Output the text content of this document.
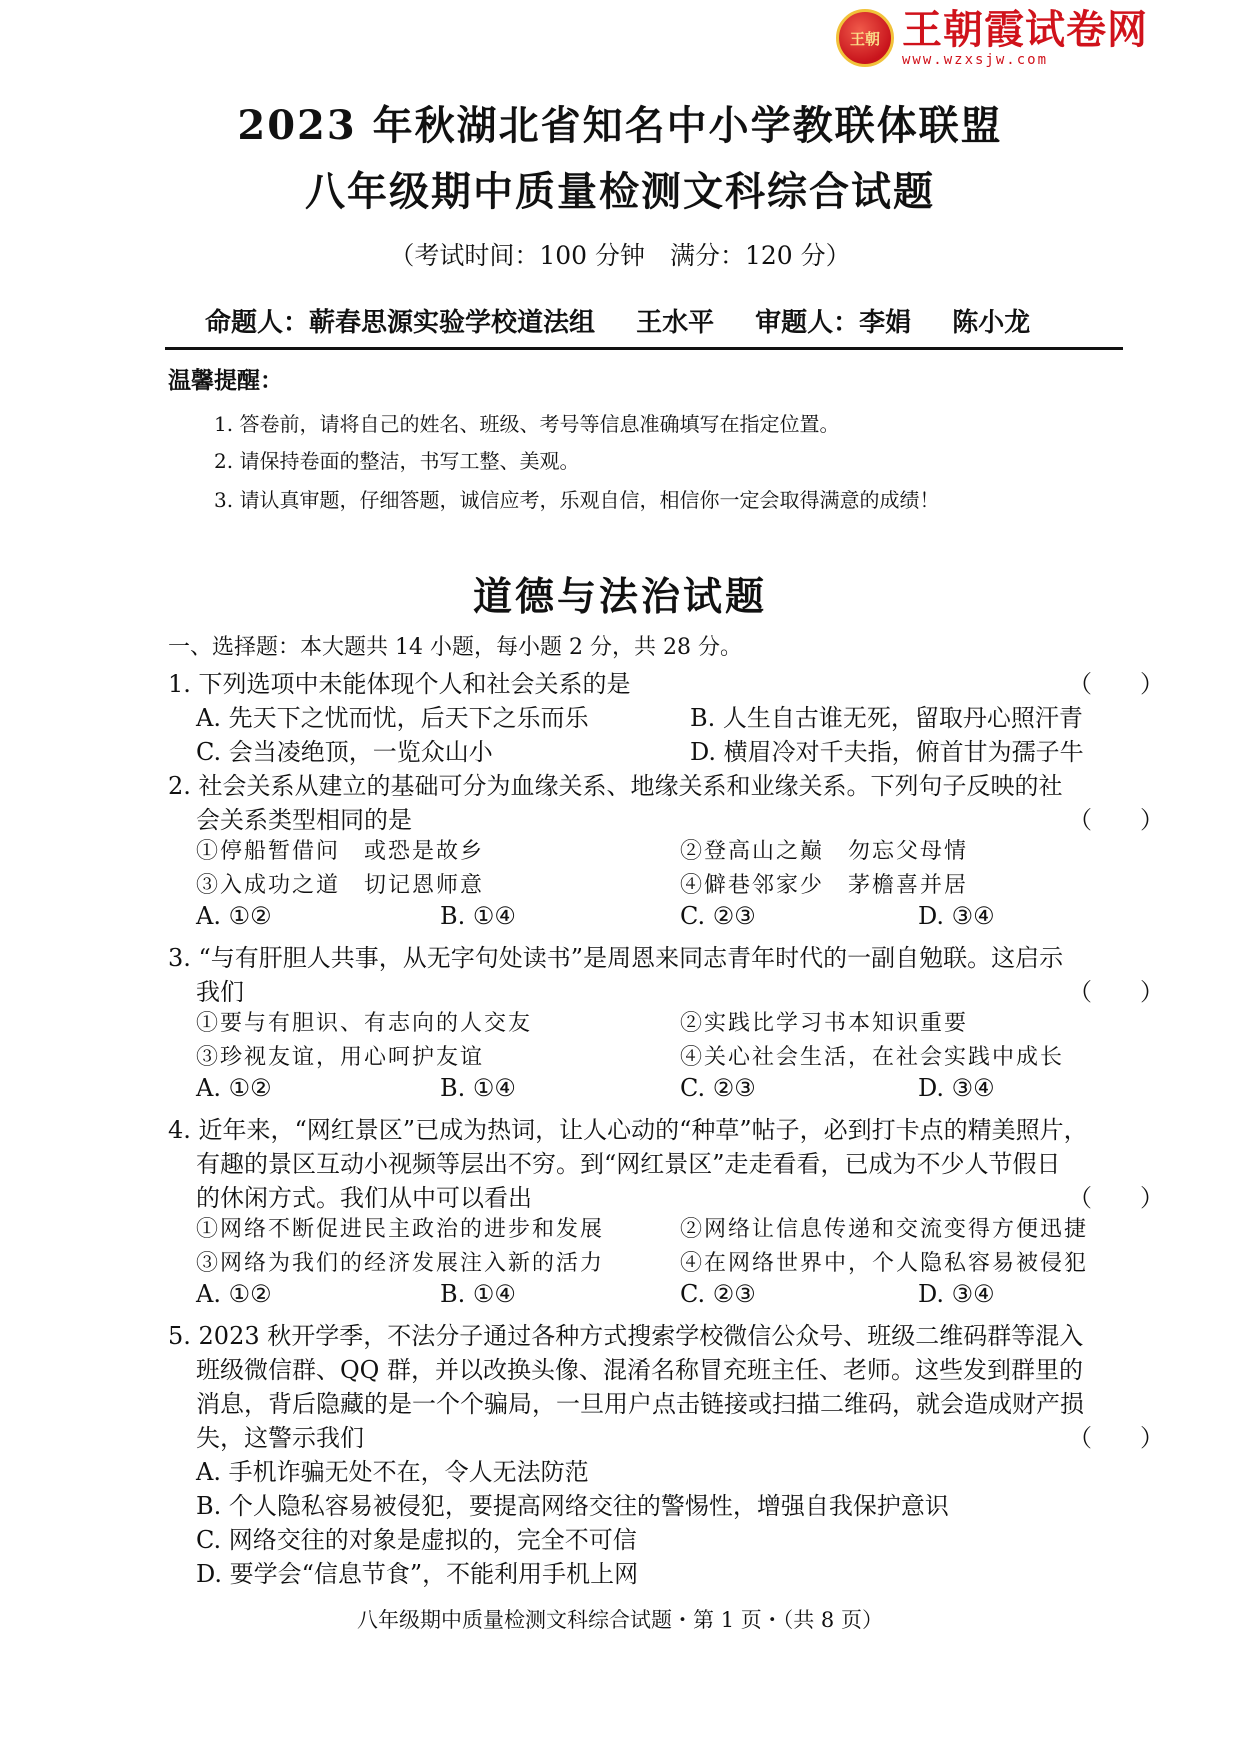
王朝 王朝霞试卷网
www.wzxsjw.com
2023 年秋湖北省知名中小学教联体联盟
八年级期中质量检测文科综合试题
（考试时间：100 分钟　满分：120 分）
命题人：蕲春思源实验学校道法组 王水平 审题人：李娟 陈小龙
温馨提醒：
1. 答卷前，请将自己的姓名、班级、考号等信息准确填写在指定位置。
2. 请保持卷面的整洁，书写工整、美观。
3. 请认真审题，仔细答题，诚信应考，乐观自信，相信你一定会取得满意的成绩！
道德与法治试题
一、选择题：本大题共 14 小题，每小题 2 分，共 28 分。
1. 下列选项中未能体现个人和社会关系的是	（　　）
A. 先天下之忧而忧，后天下之乐而乐	B. 人生自古谁无死，留取丹心照汗青
C. 会当凌绝顶，一览众山小	D. 横眉冷对千夫指，俯首甘为孺子牛
2. 社会关系从建立的基础可分为血缘关系、地缘关系和业缘关系。下列句子反映的社
会关系类型相同的是	（　　）
①停船暂借问　或恐是故乡	②登高山之巅　勿忘父母情
③入成功之道　切记恩师意	④僻巷邻家少　茅檐喜并居
A. ①②	B. ①④	C. ②③	D. ③④
3. “与有肝胆人共事，从无字句处读书”是周恩来同志青年时代的一副自勉联。这启示
我们	（　　）
①要与有胆识、有志向的人交友	②实践比学习书本知识重要
③珍视友谊，用心呵护友谊	④关心社会生活，在社会实践中成长
A. ①②	B. ①④	C. ②③	D. ③④
4. 近年来，“网红景区”已成为热词，让人心动的“种草”帖子，必到打卡点的精美照片，
有趣的景区互动小视频等层出不穷。到“网红景区”走走看看，已成为不少人节假日
的休闲方式。我们从中可以看出	（　　）
①网络不断促进民主政治的进步和发展	②网络让信息传递和交流变得方便迅捷
③网络为我们的经济发展注入新的活力	④在网络世界中，个人隐私容易被侵犯
A. ①②	B. ①④	C. ②③	D. ③④
5. 2023 秋开学季，不法分子通过各种方式搜索学校微信公众号、班级二维码群等混入
班级微信群、QQ 群，并以改换头像、混淆名称冒充班主任、老师。这些发到群里的
消息，背后隐藏的是一个个骗局，一旦用户点击链接或扫描二维码，就会造成财产损
失，这警示我们	（　　）
A. 手机诈骗无处不在，令人无法防范
B. 个人隐私容易被侵犯，要提高网络交往的警惕性，增强自我保护意识
C. 网络交往的对象是虚拟的，完全不可信
D. 要学会“信息节食”，不能利用手机上网
八年级期中质量检测文科综合试题・第 1 页・（共 8 页）
